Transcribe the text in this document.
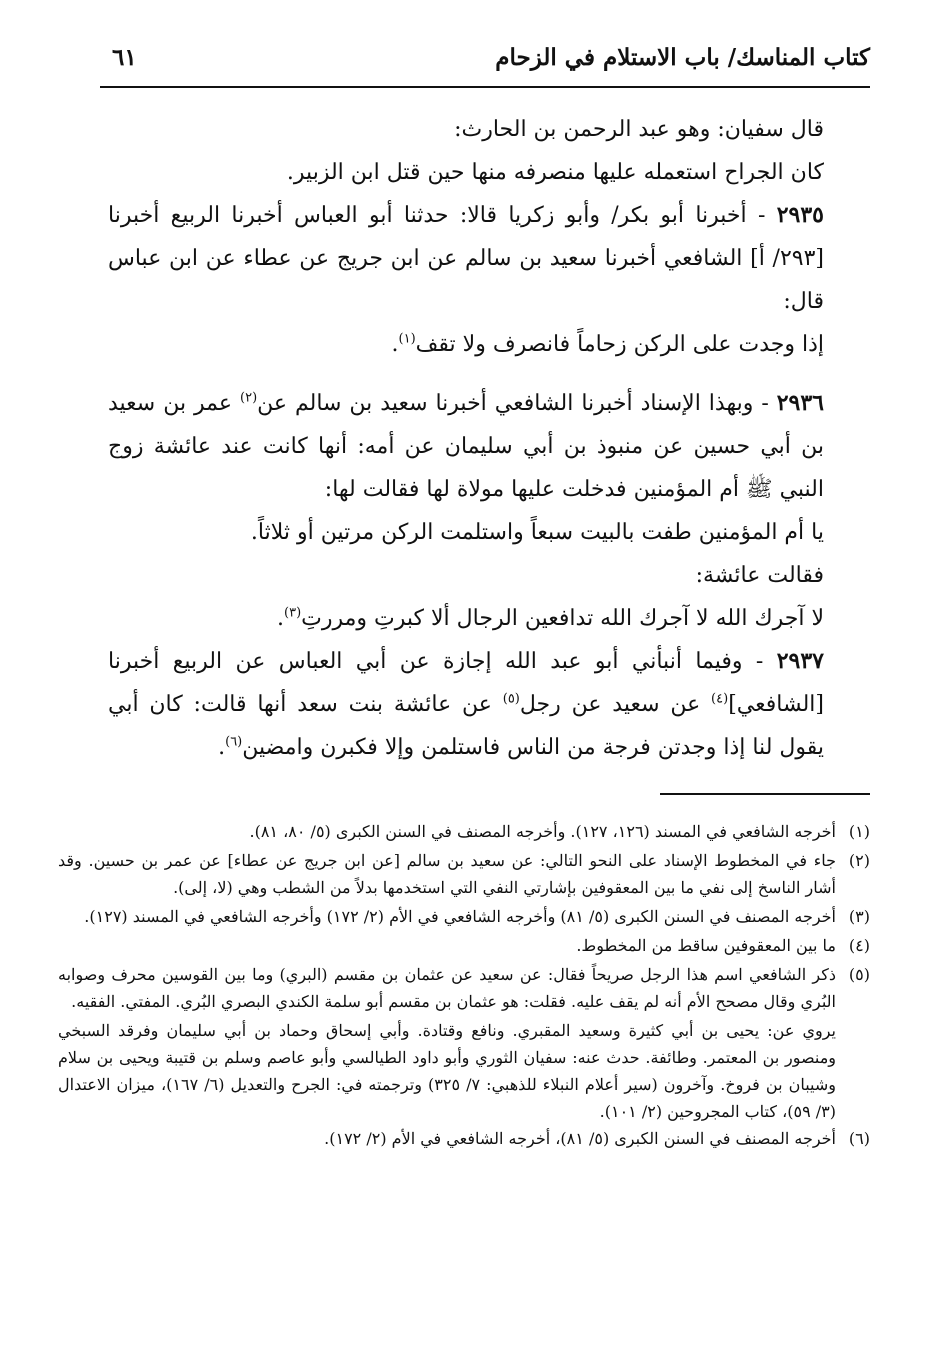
كتاب المناسك/ باب الاستلام في الزحام
٦١

قال سفيان: وهو عبد الرحمن بن الحارث:

كان الجراح استعمله عليها منصرفه منها حين قتل ابن الزبير.

٢٩٣٥ - أخبرنا أبو بكر/ وأبو زكريا قالا: حدثنا أبو العباس أخبرنا الربيع أخبرنا [٢٩٣/ أ] الشافعي أخبرنا سعيد بن سالم عن ابن جريج عن عطاء عن ابن عباس قال:

إذا وجدت على الركن زحاماً فانصرف ولا تقف$^{(١)}$.

٢٩٣٦ - وبهذا الإسناد أخبرنا الشافعي أخبرنا سعيد بن سالم عن$^{(٢)}$ عمر بن سعيد بن أبي حسين عن منبوذ بن أبي سليمان عن أمه: أنها كانت عند عائشة زوج النبي ﷺ أم المؤمنين فدخلت عليها مولاة لها فقالت لها:

يا أم المؤمنين طفت بالبيت سبعاً واستلمت الركن مرتين أو ثلاثاً.

فقالت عائشة:

لا آجرك الله لا آجرك الله تدافعين الرجال ألا كبرتِ ومررتِ$^{(٣)}$.

٢٩٣٧ - وفيما أنبأني أبو عبد الله إجازة عن أبي العباس عن الربيع أخبرنا [الشافعي]$^{(٤)}$ عن سعيد عن رجل$^{(٥)}$ عن عائشة بنت سعد أنها قالت: كان أبي يقول لنا إذا وجدتن فرجة من الناس فاستلمن وإلا فكبرن وامضين$^{(٦)}$.

(١)

أخرجه الشافعي في المسند (١٢٦، ١٢٧). وأخرجه المصنف في السنن الكبرى (٥/ ٨٠، ٨١).

(٢)

جاء في المخطوط الإسناد على النحو التالي: عن سعيد بن سالم [عن ابن جريج عن عطاء] عن عمر بن حسين. وقد أشار الناسخ إلى نفي ما بين المعقوفين بإشارتي النفي التي استخدمها بدلاً من الشطب وهي (لا، إلى).

(٣)

أخرجه المصنف في السنن الكبرى (٥/ ٨١) وأخرجه الشافعي في الأم (٢/ ١٧٢) وأخرجه الشافعي في المسند (١٢٧).

(٤)

ما بين المعقوفين ساقط من المخطوط.

(٥)

ذكر الشافعي اسم هذا الرجل صريحاً فقال: عن سعيد عن عثمان بن مقسم (البري) وما بين القوسين محرف وصوابه البُري وقال مصحح الأم أنه لم يقف عليه. فقلت: هو عثمان بن مقسم أبو سلمة الكندي البصري البُري. المفتي. الفقيه.

يروي عن: يحيى بن أبي كثيرة وسعيد المقبري. ونافع وقتادة. وأبي إسحاق وحماد بن أبي سليمان وفرقد السبخي ومنصور بن المعتمر. وطائفة. حدث عنه: سفيان الثوري وأبو داود الطيالسي وأبو عاصم وسلم بن قتيبة ويحيى بن سلام وشيبان بن فروخ. وآخرون (سير أعلام النبلاء للذهبي: ٧/ ٣٢٥) وترجمته في: الجرح والتعديل (٦/ ١٦٧)، ميزان الاعتدال (٣/ ٥٩)، كتاب المجروحين (٢/ ١٠١).

(٦)

أخرجه المصنف في السنن الكبرى (٥/ ٨١)، أخرجه الشافعي في الأم (٢/ ١٧٢).
